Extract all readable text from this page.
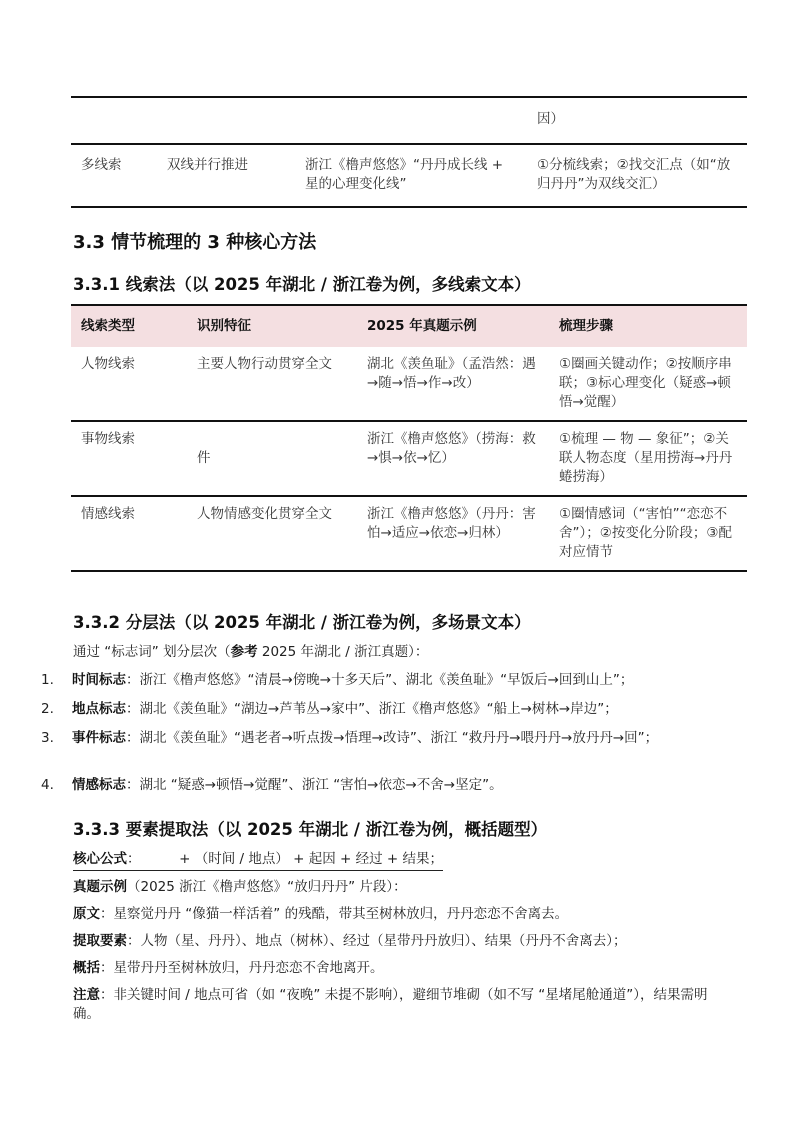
			因）
多线索	双线并行推进	浙江《橹声悠悠》“丹丹成长线 + 星的心理变化线”	①分梳线索；②找交汇点（如“放归丹丹”为双线交汇）
3.3 情节梳理的 3 种核心方法
3.3.1 线索法（以 2025 年湖北 / 浙江卷为例，多线索文本）
线索类型	识别特征	2025 年真题示例	梳理步骤
人物线索	主要人物行动贯穿全文	湖北《羡鱼耻》（孟浩然：遇→随→悟→作→改）	①圈画关键动作；②按顺序串联；③标心理变化（疑惑→顿悟→觉醒）
事物线索	件	浙江《橹声悠悠》（捞海：救→惧→依→忆）	①梳理 — 物 — 象征”；②关联人物态度（星用捞海→丹丹蜷捞海）
情感线索	人物情感变化贯穿全文	浙江《橹声悠悠》（丹丹：害怕→适应→依恋→归林）	①圈情感词（“害怕”“恋恋不舍”）；②按变化分阶段；③配对应情节
3.3.2 分层法（以 2025 年湖北 / 浙江卷为例，多场景文本）
通过 “标志词” 划分层次（参考 2025 年湖北 / 浙江真题）：
1.	时间标志：浙江《橹声悠悠》“清晨→傍晚→十多天后”、湖北《羡鱼耻》“早饭后→回到山上”；
2.	地点标志：湖北《羡鱼耻》“湖边→芦苇丛→家中”、浙江《橹声悠悠》“船上→树林→岸边”；
3.	事件标志：湖北《羡鱼耻》“遇老者→听点拨→悟理→改诗”、浙江 “救丹丹→喂丹丹→放丹丹→回”；
4.	情感标志：湖北 “疑惑→顿悟→觉醒”、浙江 “害怕→依恋→不舍→坚定”。
3.3.3 要素提取法（以 2025 年湖北 / 浙江卷为例，概括题型）
核心公式：         + （时间 / 地点） + 起因 + 经过 + 结果；
真题示例（2025 浙江《橹声悠悠》“放归丹丹” 片段）：
原文：星察觉丹丹 “像猫一样活着” 的残酷，带其至树林放归，丹丹恋恋不舍离去。
提取要素：人物（星、丹丹）、地点（树林）、经过（星带丹丹放归）、结果（丹丹不舍离去）；
概括：星带丹丹至树林放归，丹丹恋恋不舍地离开。
注意：非关键时间 / 地点可省（如 “夜晚” 未提不影响），避细节堆砌（如不写 “星堵尾舱通道”），结果需明确。
